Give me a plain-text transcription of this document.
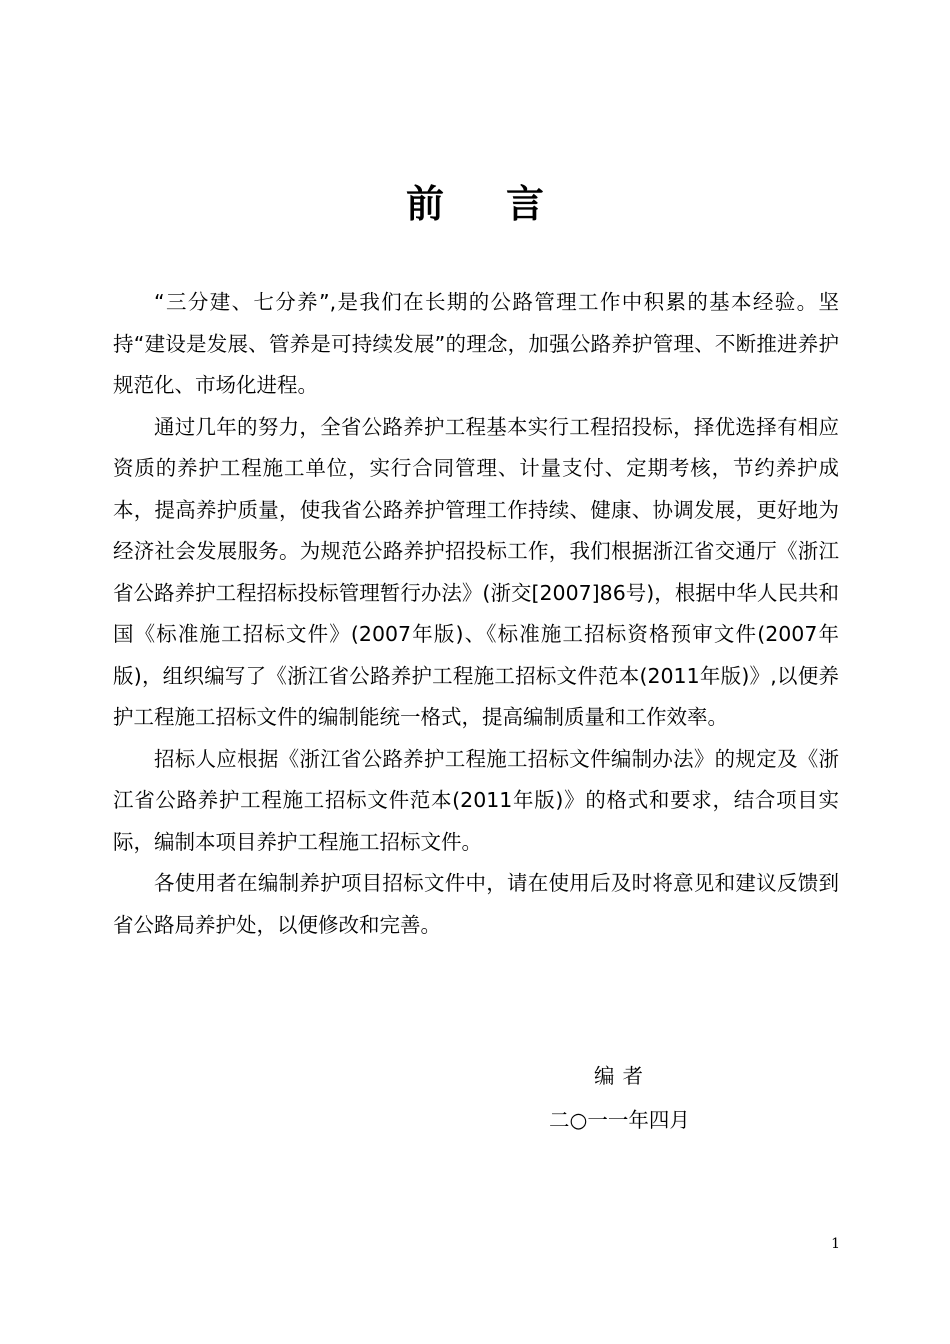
前 言

“三分建、七分养”,是我们在长期的公路管理工作中积累的基本经验。坚持“建设是发展、管养是可持续发展”的理念，加强公路养护管理、不断推进养护规范化、市场化进程。

通过几年的努力，全省公路养护工程基本实行工程招投标，择优选择有相应资质的养护工程施工单位，实行合同管理、计量支付、定期考核，节约养护成本，提高养护质量，使我省公路养护管理工作持续、健康、协调发展，更好地为经济社会发展服务。为规范公路养护招投标工作，我们根据浙江省交通厅《浙江省公路养护工程招标投标管理暂行办法》(浙交[2007]86号)，根据中华人民共和国《标准施工招标文件》(2007年版)、《标准施工招标资格预审文件(2007年版)，组织编写了《浙江省公路养护工程施工招标文件范本(2011年版)》,以便养护工程施工招标文件的编制能统一格式，提高编制质量和工作效率。

招标人应根据《浙江省公路养护工程施工招标文件编制办法》的规定及《浙江省公路养护工程施工招标文件范本(2011年版)》的格式和要求，结合项目实际，编制本项目养护工程施工招标文件。

各使用者在编制养护项目招标文件中，请在使用后及时将意见和建议反馈到省公路局养护处，以便修改和完善。

编者
二○一一年四月
1
